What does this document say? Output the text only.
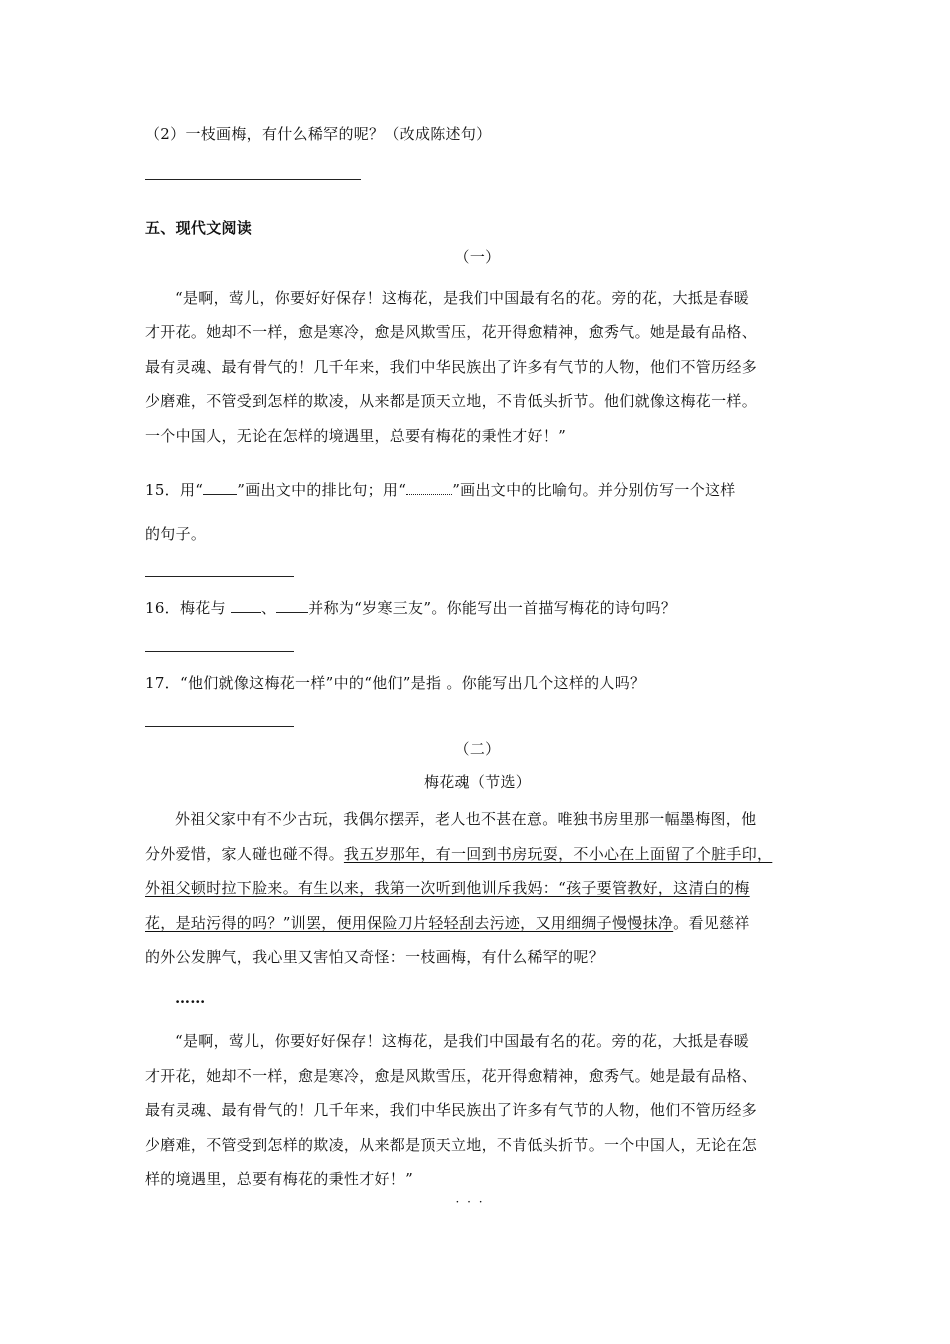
（2）一枝画梅，有什么稀罕的呢？（改成陈述句）
五、现代文阅读
（一）
“是啊，莺儿，你要好好保存！这梅花，是我们中国最有名的花。旁的花，大抵是春暖
才开花。她却不一样，愈是寒冷，愈是风欺雪压，花开得愈精神，愈秀气。她是最有品格、
最有灵魂、最有骨气的！几千年来，我们中华民族出了许多有气节的人物，他们不管历经多
少磨难，不管受到怎样的欺凌，从来都是顶天立地，不肯低头折节。他们就像这梅花一样。
一个中国人，无论在怎样的境遇里，总要有梅花的秉性才好！”
15．用“ ”画出文中的排比句；用“	”画出文中的比喻句。并分别仿写一个这样
的句子。
16．梅花与 、 并称为“岁寒三友”。你能写出一首描写梅花的诗句吗？
17．“他们就像这梅花一样”中的“他们”是指 。你能写出几个这样的人吗？
（二）
梅花魂（节选）
外祖父家中有不少古玩，我偶尔摆弄，老人也不甚在意。唯独书房里那一幅墨梅图，他
分外爱惜，家人碰也碰不得。我五岁那年，有一回到书房玩耍，不小心在上面留了个脏手印，
外祖父顿时拉下脸来。有生以来，我第一次听到他训斥我妈：“孩子要管教好，这清白的梅
花，是玷污得的吗？”训罢，便用保险刀片轻轻刮去污迹，又用细绸子慢慢抹净。看见慈祥
的外公发脾气，我心里又害怕又奇怪：一枝画梅，有什么稀罕的呢？
……
“是啊，莺儿，你要好好保存！这梅花，是我们中国最有名的花。旁的花，大抵是春暖
才开花，她却不一样，愈是寒冷，愈是风欺雪压，花开得愈精神，愈秀气。她是最有品格、
最有灵魂、最有骨气的！几千年来，我们中华民族出了许多有气节的人物，他们不管历经多
少磨难，不管受到怎样的欺凌，从来都是顶天立地，不肯低头折节。一个中国人，无论在怎
样的境遇里，总要有梅花的秉性才好！”
· · ·
